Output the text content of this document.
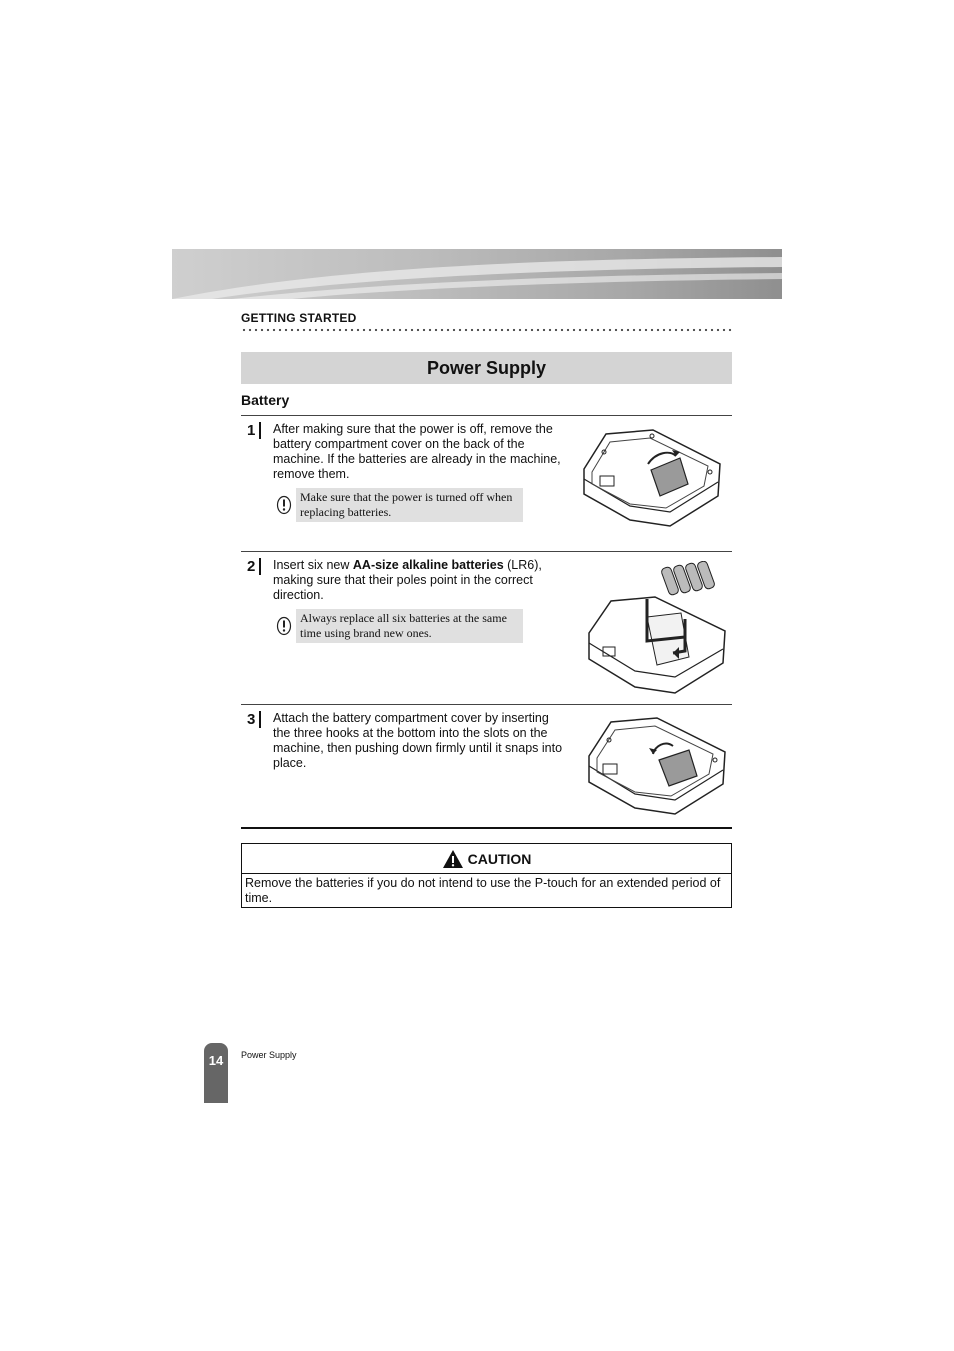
GETTING STARTED
Power Supply
Battery
1	After making sure that the power is off, remove the battery compartment cover on the back of the machine. If the batteries are already in the machine, remove them.
Make sure that the power is turned off when replacing batteries.
2	Insert six new AA-size alkaline batteries (LR6), making sure that their poles point in the correct direction.
Always replace all six batteries at the same time using brand new ones.
3	Attach the battery compartment cover by inserting the three hooks at the bottom into the slots on the machine, then pushing down firmly until it snaps into place.
CAUTION
Remove the batteries if you do not intend to use the P-touch for an extended period of time.
14 Power Supply
